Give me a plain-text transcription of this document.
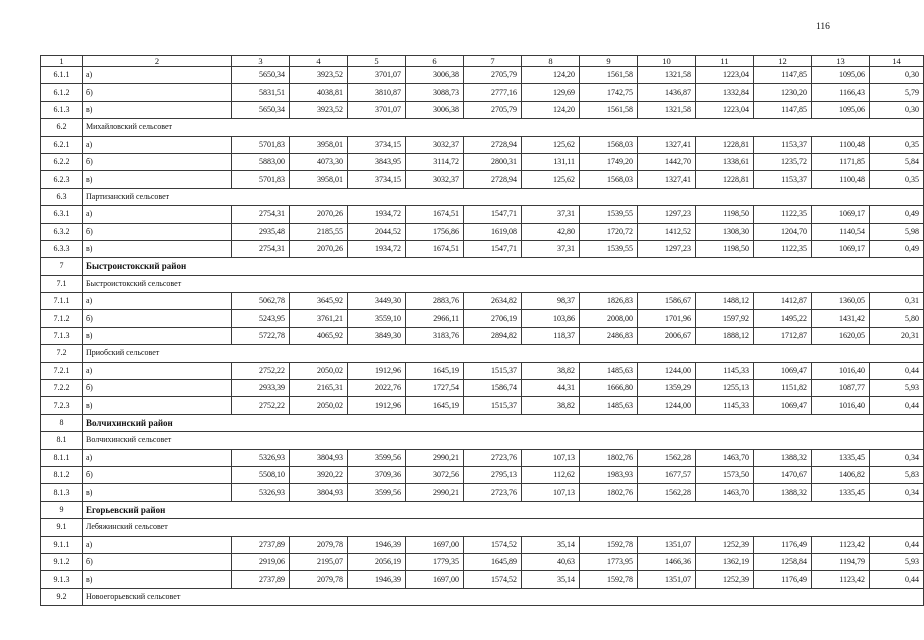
116
1	2	3	4	5	6	7	8	9	10	11	12	13	14
6.1.1	а)	5650,34	3923,52	3701,07	3006,38	2705,79	124,20	1561,58	1321,58	1223,04	1147,85	1095,06	0,30
6.1.2	б)	5831,51	4038,81	3810,87	3088,73	2777,16	129,69	1742,75	1436,87	1332,84	1230,20	1166,43	5,79
6.1.3	в)	5650,34	3923,52	3701,07	3006,38	2705,79	124,20	1561,58	1321,58	1223,04	1147,85	1095,06	0,30
6.2	Михайловский сельсовет												
6.2.1	а)	5701,83	3958,01	3734,15	3032,37	2728,94	125,62	1568,03	1327,41	1228,81	1153,37	1100,48	0,35
6.2.2	б)	5883,00	4073,30	3843,95	3114,72	2800,31	131,11	1749,20	1442,70	1338,61	1235,72	1171,85	5,84
6.2.3	в)	5701,83	3958,01	3734,15	3032,37	2728,94	125,62	1568,03	1327,41	1228,81	1153,37	1100,48	0,35
6.3	Партизанский сельсовет												
6.3.1	а)	2754,31	2070,26	1934,72	1674,51	1547,71	37,31	1539,55	1297,23	1198,50	1122,35	1069,17	0,49
6.3.2	б)	2935,48	2185,55	2044,52	1756,86	1619,08	42,80	1720,72	1412,52	1308,30	1204,70	1140,54	5,98
6.3.3	в)	2754,31	2070,26	1934,72	1674,51	1547,71	37,31	1539,55	1297,23	1198,50	1122,35	1069,17	0,49
7	Быстроистокский район												
7.1	Быстроистокский сельсовет												
7.1.1	а)	5062,78	3645,92	3449,30	2883,76	2634,82	98,37	1826,83	1586,67	1488,12	1412,87	1360,05	0,31
7.1.2	б)	5243,95	3761,21	3559,10	2966,11	2706,19	103,86	2008,00	1701,96	1597,92	1495,22	1431,42	5,80
7.1.3	в)	5722,78	4065,92	3849,30	3183,76	2894,82	118,37	2486,83	2006,67	1888,12	1712,87	1620,05	20,31
7.2	Приобский сельсовет												
7.2.1	а)	2752,22	2050,02	1912,96	1645,19	1515,37	38,82	1485,63	1244,00	1145,33	1069,47	1016,40	0,44
7.2.2	б)	2933,39	2165,31	2022,76	1727,54	1586,74	44,31	1666,80	1359,29	1255,13	1151,82	1087,77	5,93
7.2.3	в)	2752,22	2050,02	1912,96	1645,19	1515,37	38,82	1485,63	1244,00	1145,33	1069,47	1016,40	0,44
8	Волчихинский район												
8.1	Волчихинский сельсовет												
8.1.1	а)	5326,93	3804,93	3599,56	2990,21	2723,76	107,13	1802,76	1562,28	1463,70	1388,32	1335,45	0,34
8.1.2	б)	5508,10	3920,22	3709,36	3072,56	2795,13	112,62	1983,93	1677,57	1573,50	1470,67	1406,82	5,83
8.1.3	в)	5326,93	3804,93	3599,56	2990,21	2723,76	107,13	1802,76	1562,28	1463,70	1388,32	1335,45	0,34
9	Егорьевский район												
9.1	Лебяжинский сельсовет												
9.1.1	а)	2737,89	2079,78	1946,39	1697,00	1574,52	35,14	1592,78	1351,07	1252,39	1176,49	1123,42	0,44
9.1.2	б)	2919,06	2195,07	2056,19	1779,35	1645,89	40,63	1773,95	1466,36	1362,19	1258,84	1194,79	5,93
9.1.3	в)	2737,89	2079,78	1946,39	1697,00	1574,52	35,14	1592,78	1351,07	1252,39	1176,49	1123,42	0,44
9.2	Новоегорьевский сельсовет												
